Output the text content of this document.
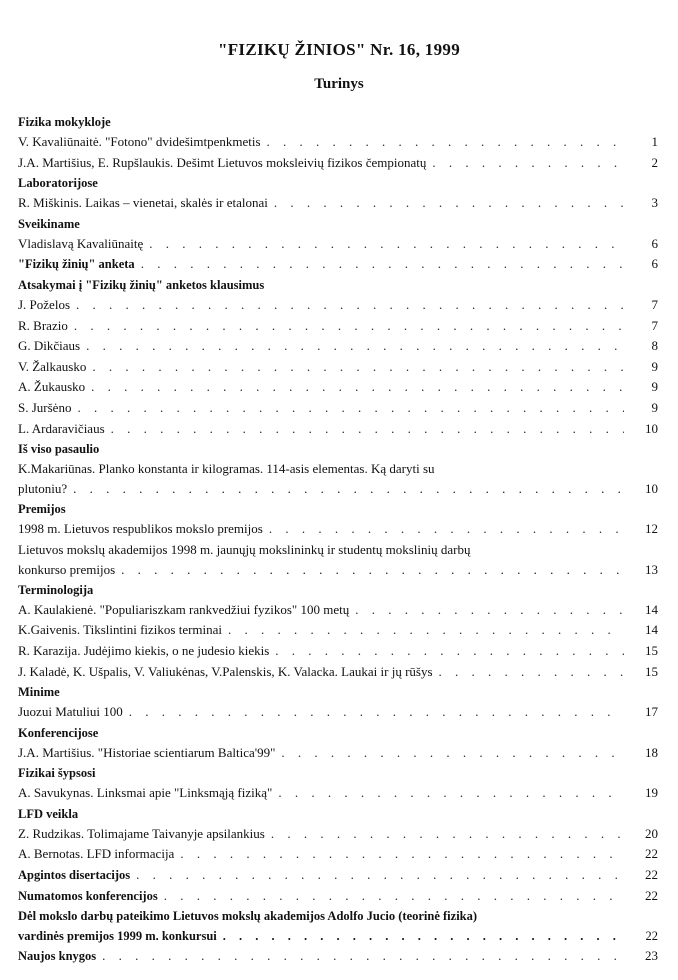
"FIZIKŲ ŽINIOS" Nr. 16, 1999
Turinys
Fizika mokykloje
V. Kavaliūnaitė. "Fotono" dvidešimtpenkmetis . . .	1
J.A. Martišius, E. Rupšlaukis. Dešimt Lietuvos moksleivių fizikos čempionatų . . .	2
Laboratorijose
R. Miškinis. Laikas – vienetai, skalės ir etalonai . . .	3
Sveikiname
Vladislavą Kavaliūnaitę . . .	6
"Fizikų žinių" anketa . . .	6
Atsakymai į "Fizikų žinių" anketos klausimus
J. Poželos . . .	7
R. Brazio . . .	7
G. Dikčiaus . . .	8
V. Žalkausko . . .	9
A. Žukausko . . .	9
S. Juršėno . . .	9
L. Ardaravičiaus . . .	10
Iš viso pasaulio
K.Makariūnas. Planko konstanta ir kilogramas. 114-asis elementas. Ką daryti su
plutoniu? . . .	10
Premijos
1998 m. Lietuvos respublikos mokslo premijos . . .	12
Lietuvos mokslų akademijos 1998 m. jaunųjų mokslininkų ir studentų mokslinių darbų
konkurso premijos . . .	13
Terminologija
A. Kaulakienė. "Populiariszkam rankvedžiui fyzikos" 100 metų . . .	14
K.Gaivenis. Tikslintini fizikos terminai . . .	14
R. Karazija. Judėjimo kiekis, o ne judesio kiekis . . .	15
J. Kaladė, K. Ušpalis, V. Valiukėnas, V.Palenskis, K. Valacka. Laukai ir jų rūšys . . .	15
Minime
Juozui Matuliui 100 . . .	17
Konferencijose
J.A. Martišius. "Historiae scientiarum Baltica'99" . . .	18
Fizikai šypsosi
A. Savukynas. Linksmai apie "Linksmąją fiziką" . . .	19
LFD veikla
Z. Rudzikas. Tolimajame Taivanyje apsilankius . . .	20
A. Bernotas. LFD informacija . . .	22
Apgintos disertacijos . . .	22
Numatomos konferencijos . . .	22
Dėl mokslo darbų pateikimo Lietuvos mokslų akademijos Adolfo Jucio (teorinė fizika)
vardinės premijos 1999 m. konkursui . . .	22
Naujos knygos . . .	23
